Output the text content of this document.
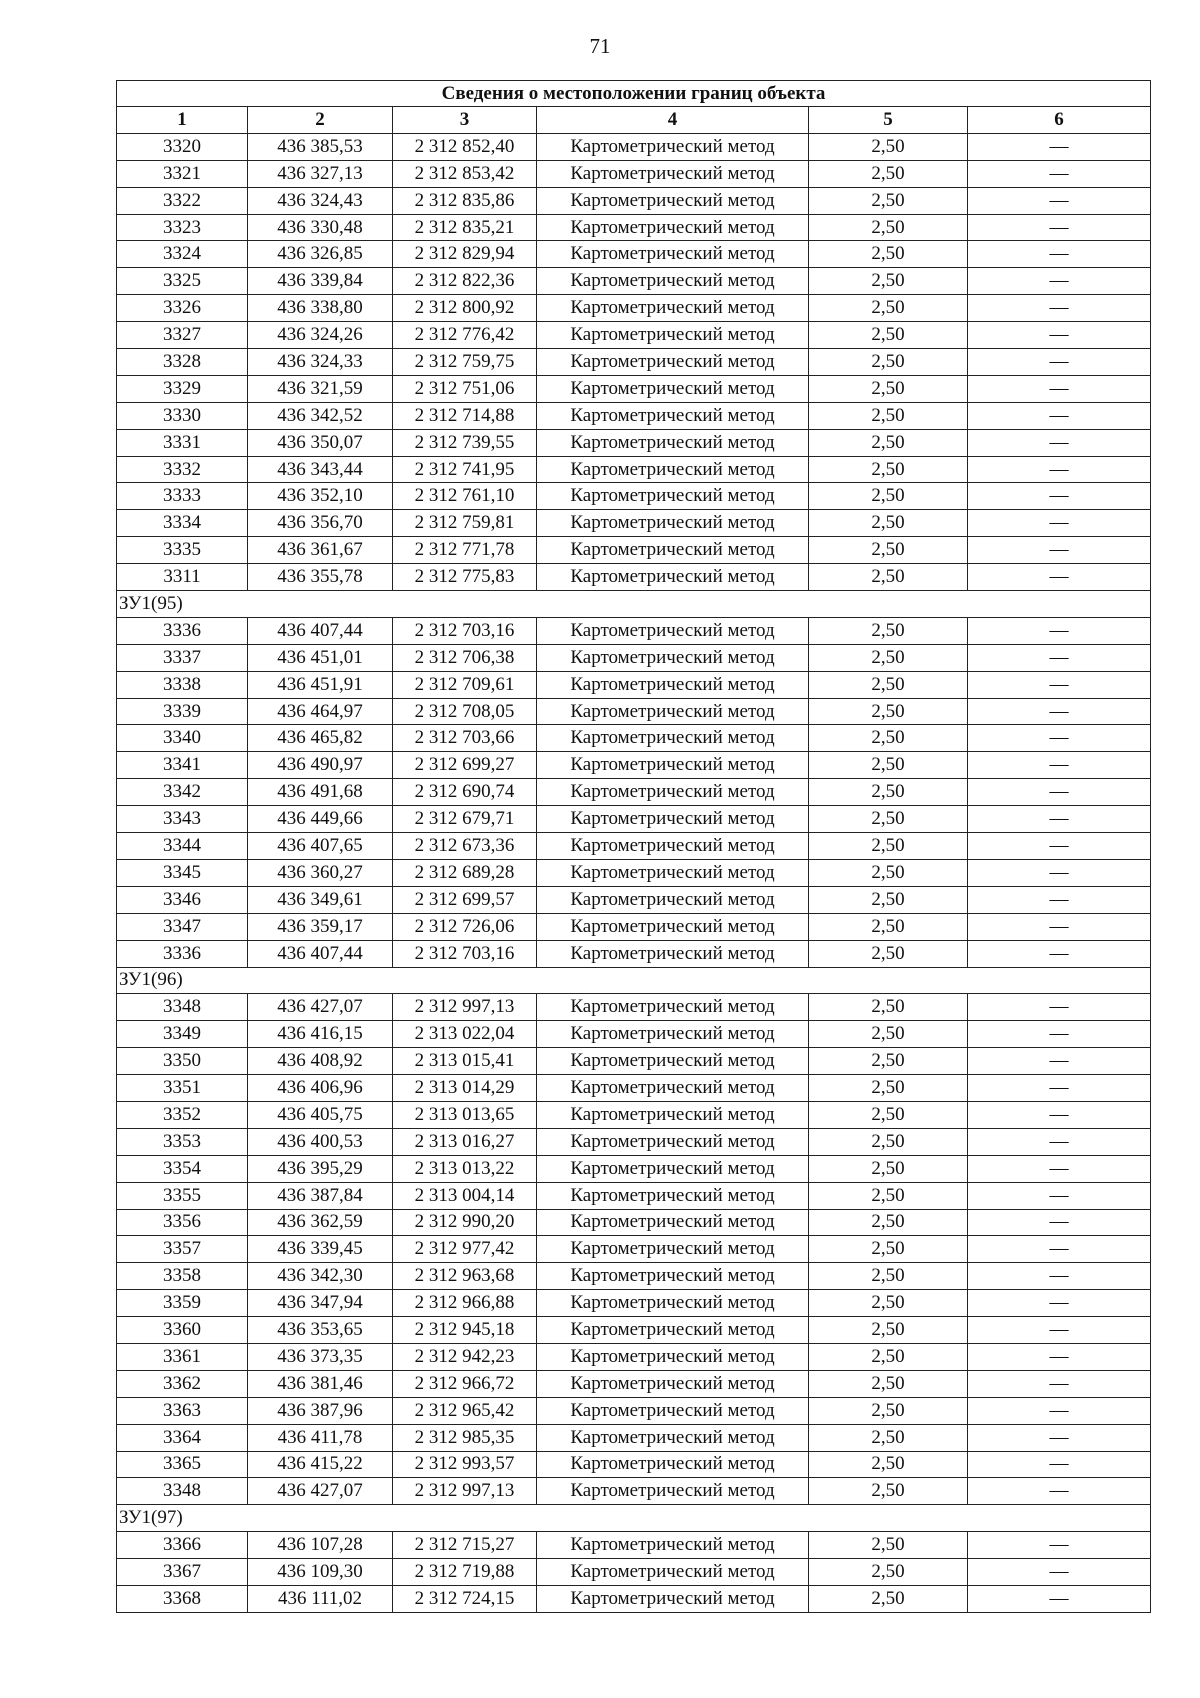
71
Сведения о местоположении границ объекта					
1	2	3	4	5	6
3320	436 385,53	2 312 852,40	Картометрический метод	2,50	—
3321	436 327,13	2 312 853,42	Картометрический метод	2,50	—
3322	436 324,43	2 312 835,86	Картометрический метод	2,50	—
3323	436 330,48	2 312 835,21	Картометрический метод	2,50	—
3324	436 326,85	2 312 829,94	Картометрический метод	2,50	—
3325	436 339,84	2 312 822,36	Картометрический метод	2,50	—
3326	436 338,80	2 312 800,92	Картометрический метод	2,50	—
3327	436 324,26	2 312 776,42	Картометрический метод	2,50	—
3328	436 324,33	2 312 759,75	Картометрический метод	2,50	—
3329	436 321,59	2 312 751,06	Картометрический метод	2,50	—
3330	436 342,52	2 312 714,88	Картометрический метод	2,50	—
3331	436 350,07	2 312 739,55	Картометрический метод	2,50	—
3332	436 343,44	2 312 741,95	Картометрический метод	2,50	—
3333	436 352,10	2 312 761,10	Картометрический метод	2,50	—
3334	436 356,70	2 312 759,81	Картометрический метод	2,50	—
3335	436 361,67	2 312 771,78	Картометрический метод	2,50	—
3311	436 355,78	2 312 775,83	Картометрический метод	2,50	—
ЗУ1(95)					
3336	436 407,44	2 312 703,16	Картометрический метод	2,50	—
3337	436 451,01	2 312 706,38	Картометрический метод	2,50	—
3338	436 451,91	2 312 709,61	Картометрический метод	2,50	—
3339	436 464,97	2 312 708,05	Картометрический метод	2,50	—
3340	436 465,82	2 312 703,66	Картометрический метод	2,50	—
3341	436 490,97	2 312 699,27	Картометрический метод	2,50	—
3342	436 491,68	2 312 690,74	Картометрический метод	2,50	—
3343	436 449,66	2 312 679,71	Картометрический метод	2,50	—
3344	436 407,65	2 312 673,36	Картометрический метод	2,50	—
3345	436 360,27	2 312 689,28	Картометрический метод	2,50	—
3346	436 349,61	2 312 699,57	Картометрический метод	2,50	—
3347	436 359,17	2 312 726,06	Картометрический метод	2,50	—
3336	436 407,44	2 312 703,16	Картометрический метод	2,50	—
ЗУ1(96)					
3348	436 427,07	2 312 997,13	Картометрический метод	2,50	—
3349	436 416,15	2 313 022,04	Картометрический метод	2,50	—
3350	436 408,92	2 313 015,41	Картометрический метод	2,50	—
3351	436 406,96	2 313 014,29	Картометрический метод	2,50	—
3352	436 405,75	2 313 013,65	Картометрический метод	2,50	—
3353	436 400,53	2 313 016,27	Картометрический метод	2,50	—
3354	436 395,29	2 313 013,22	Картометрический метод	2,50	—
3355	436 387,84	2 313 004,14	Картометрический метод	2,50	—
3356	436 362,59	2 312 990,20	Картометрический метод	2,50	—
3357	436 339,45	2 312 977,42	Картометрический метод	2,50	—
3358	436 342,30	2 312 963,68	Картометрический метод	2,50	—
3359	436 347,94	2 312 966,88	Картометрический метод	2,50	—
3360	436 353,65	2 312 945,18	Картометрический метод	2,50	—
3361	436 373,35	2 312 942,23	Картометрический метод	2,50	—
3362	436 381,46	2 312 966,72	Картометрический метод	2,50	—
3363	436 387,96	2 312 965,42	Картометрический метод	2,50	—
3364	436 411,78	2 312 985,35	Картометрический метод	2,50	—
3365	436 415,22	2 312 993,57	Картометрический метод	2,50	—
3348	436 427,07	2 312 997,13	Картометрический метод	2,50	—
ЗУ1(97)					
3366	436 107,28	2 312 715,27	Картометрический метод	2,50	—
3367	436 109,30	2 312 719,88	Картометрический метод	2,50	—
3368	436 111,02	2 312 724,15	Картометрический метод	2,50	—
